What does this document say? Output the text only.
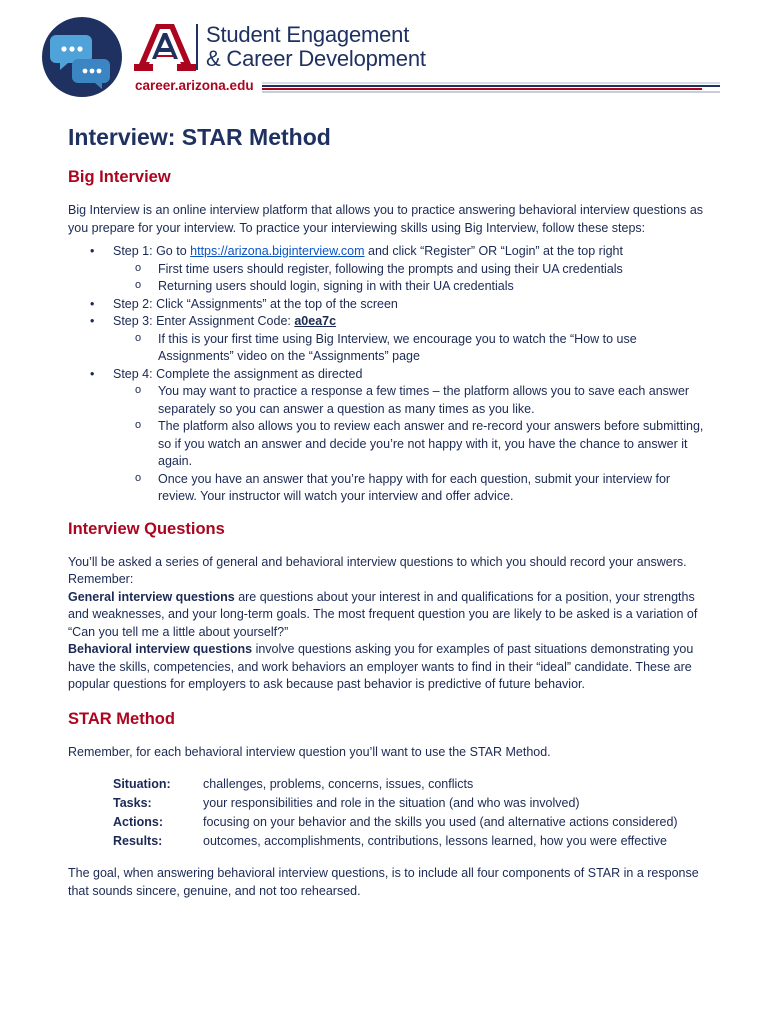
Student Engagement
& Career Development
career.arizona.edu
Interview: STAR Method
Big Interview

Big Interview is an online interview platform that allows you to practice answering behavioral interview questions as you prepare for your interview. To practice your interviewing skills using Big Interview, follow these steps:

• Step 1: Go to https://arizona.biginterview.com and click “Register” OR “Login” at the top right
o First time users should register, following the prompts and using their UA credentials
o Returning users should login, signing in with their UA credentials
• Step 2: Click “Assignments” at the top of the screen
• Step 3: Enter Assignment Code: a0ea7c
o If this is your first time using Big Interview, we encourage you to watch the “How to use Assignments” video on the “Assignments” page
• Step 4: Complete the assignment as directed
o You may want to practice a response a few times – the platform allows you to save each answer separately so you can answer a question as many times as you like.
o The platform also allows you to review each answer and re-record your answers before submitting, so if you watch an answer and decide you’re not happy with it, you have the chance to answer it again.
o Once you have an answer that you’re happy with for each question, submit your interview for review. Your instructor will watch your interview and offer advice.
Interview Questions

You’ll be asked a series of general and behavioral interview questions to which you should record your answers. Remember:

General interview questions are questions about your interest in and qualifications for a position, your strengths and weaknesses, and your long-term goals. The most frequent question you are likely to be asked is a variation of “Can you tell me a little about yourself?”

Behavioral interview questions involve questions asking you for examples of past situations demonstrating you have the skills, competencies, and work behaviors an employer wants to find in their “ideal” candidate. These are popular questions for employers to ask because past behavior is predictive of future behavior.

STAR Method

Remember, for each behavioral interview question you’ll want to use the STAR Method.

Situation:	challenges, problems, concerns, issues, conflicts
Tasks:	your responsibilities and role in the situation (and who was involved)
Actions:	focusing on your behavior and the skills you used (and alternative actions considered)
Results:	outcomes, accomplishments, contributions, lessons learned, how you were effective

The goal, when answering behavioral interview questions, is to include all four components of STAR in a response that sounds sincere, genuine, and not too rehearsed.
